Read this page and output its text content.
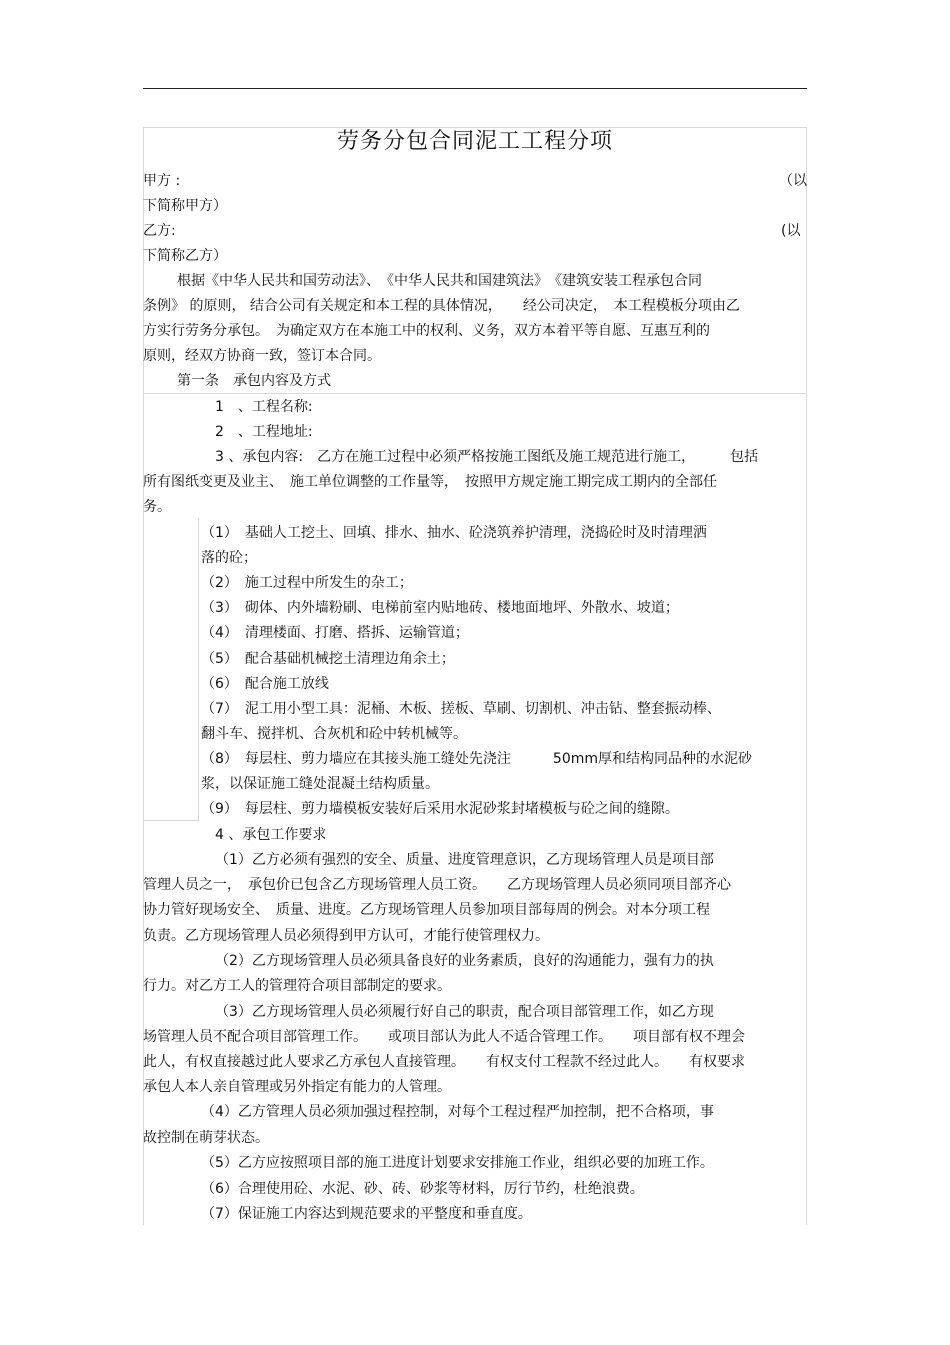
劳务分包合同泥工工程分项
甲方 :	（以
下简称甲方）
乙方:	(以
下简称乙方）
根据《中华人民共和国劳动法》、　《中华人民共和国建筑法》　《建筑安装工程承包合同
条例》 的原则， 结合公司有关规定和本工程的具体情况，　　经公司决定，　本工程模板分项由乙
方实行劳务分承包。　为确定双方在本施工中的权利、义务，双方本着平等自愿、互惠互利的
原则，经双方协商一致，签订本合同。
第一条　承包内容及方式
1　、工程名称:
2　、工程地址:
3 、承包内容:　乙方在施工过程中必须严格按施工图纸及施工规范进行施工，　　　包括
所有图纸变更及业主、　施工单位调整的工作量等，　按照甲方规定施工期完成工期内的全部任
务。
（1）　基础人工挖土、回填、排水、抽水、砼浇筑养护清理，浇捣砼时及时清理洒
落的砼；
（2）　施工过程中所发生的杂工；
（3）　砌体、内外墙粉刷、电梯前室内贴地砖、楼地面地坪、外散水、坡道；
（4）　清理楼面、打磨、搭拆、运输管道；
（5）　配合基础机械挖土清理边角余土；
（6）　配合施工放线
（7）　泥工用小型工具：泥桶、木板、搓板、草刷、切割机、冲击钻、整套振动棒、
翻斗车、搅拌机、合灰机和砼中转机械等。
（8）　每层柱、剪力墙应在其接头施工缝处先浇注　　　50mm厚和结构同品种的水泥砂
浆，以保证施工缝处混凝土结构质量。
（9）　每层柱、剪力墙模板安装好后采用水泥砂浆封堵模板与砼之间的缝隙。
4 、承包工作要求
（1）乙方必须有强烈的安全、质量、进度管理意识，乙方现场管理人员是项目部
管理人员之一，　承包价已包含乙方现场管理人员工资。　　乙方现场管理人员必须同项目部齐心
协力管好现场安全、　质量、进度。乙方现场管理人员参加项目部每周的例会。对本分项工程
负责。乙方现场管理人员必须得到甲方认可，才能行使管理权力。
（2）乙方现场管理人员必须具备良好的业务素质，良好的沟通能力，强有力的执
行力。对乙方工人的管理符合项目部制定的要求。
（3）乙方现场管理人员必须履行好自己的职责，配合项目部管理工作，如乙方现
场管理人员不配合项目部管理工作。　　或项目部认为此人不适合管理工作。　　项目部有权不理会
此人，有权直接越过此人要求乙方承包人直接管理。　　有权支付工程款不经过此人。　　有权要求
承包人本人亲自管理或另外指定有能力的人管理。
（4）乙方管理人员必须加强过程控制，对每个工程过程严加控制，把不合格项，事
故控制在萌芽状态。
（5）乙方应按照项目部的施工进度计划要求安排施工作业，组织必要的加班工作。
（6）合理使用砼、水泥、砂、砖、砂浆等材料，厉行节约，杜绝浪费。
（7）保证施工内容达到规范要求的平整度和垂直度。
